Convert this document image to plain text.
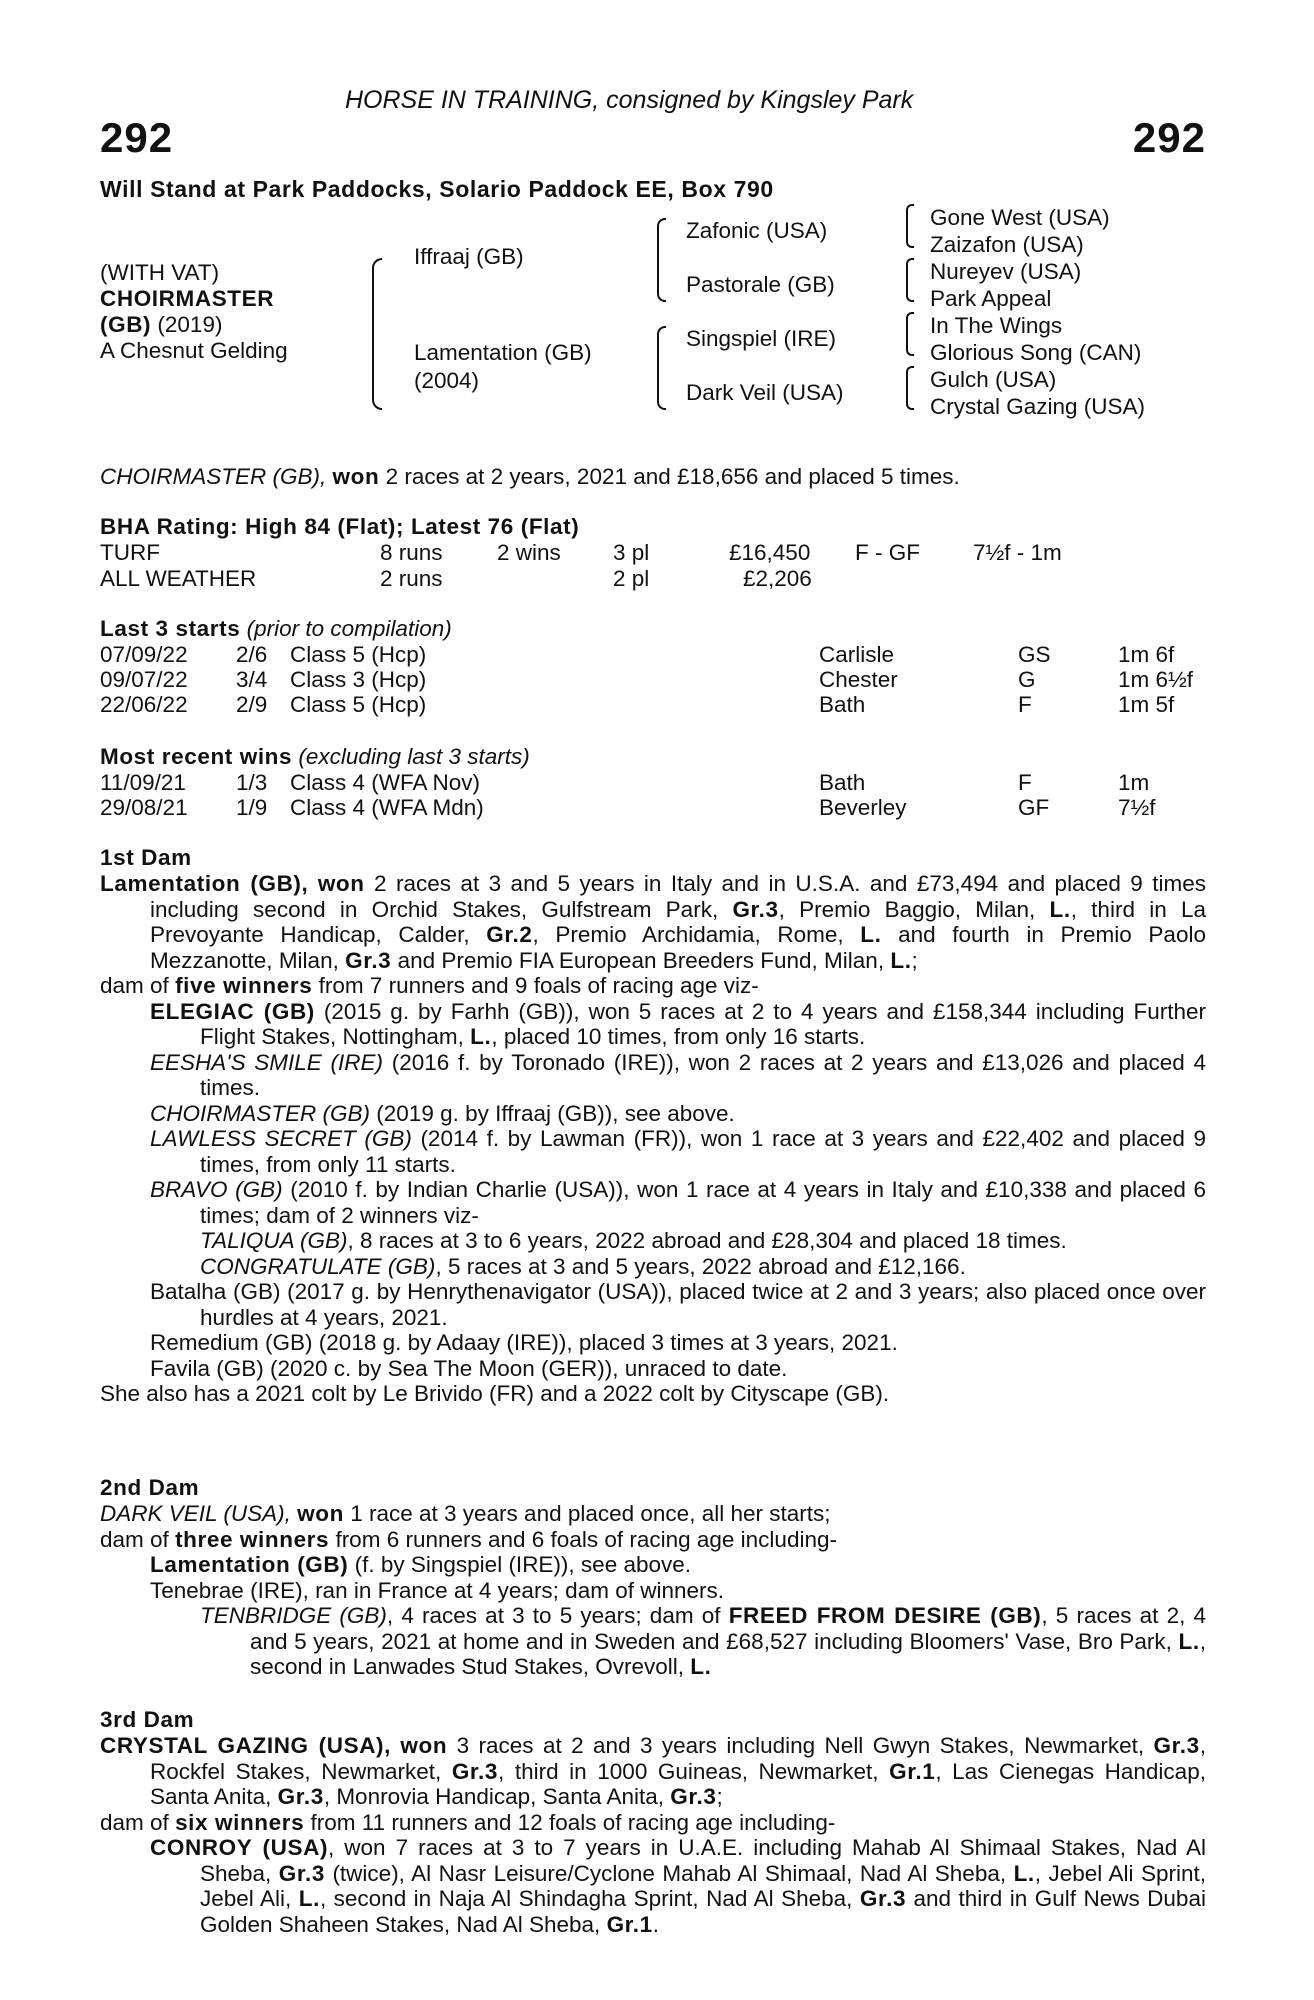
HORSE IN TRAINING, consigned by Kingsley Park
292	292
Will Stand at Park Paddocks, Solario Paddock EE, Box 790
(WITH VAT)
CHOIRMASTER
(GB) (2019)
A Chesnut Gelding
Iffraaj (GB)
Lamentation (GB)
(2004)
Zafonic (USA)
Pastorale (GB)
Singspiel (IRE)
Dark Veil (USA)
Gone West (USA)
Zaizafon (USA)
Nureyev (USA)
Park Appeal
In The Wings
Glorious Song (CAN)
Gulch (USA)
Crystal Gazing (USA)
CHOIRMASTER (GB), won 2 races at 2 years, 2021 and £18,656 and placed 5 times.
BHA Rating: High 84 (Flat); Latest 76 (Flat)
TURF	8 runs 2 wins 3 pl	£16,450 F - GF 7½f - 1m
ALL WEATHER	2 runs	2 pl	£2,206
Last 3 starts (prior to compilation)
07/09/22 2/6 Class 5 (Hcp)	Carlisle	GS	1m 6f
09/07/22 3/4 Class 3 (Hcp)	Chester	G	1m 6½f
22/06/22 2/9 Class 5 (Hcp)	Bath	F	1m 5f
Most recent wins (excluding last 3 starts)
11/09/21 1/3 Class 4 (WFA Nov)	Bath	F	1m
29/08/21 1/9 Class 4 (WFA Mdn)	Beverley	GF	7½f
1st Dam
Lamentation (GB), won 2 races at 3 and 5 years in Italy and in U.S.A. and £73,494 and placed 9 times including second in Orchid Stakes, Gulfstream Park, Gr.3, Premio Baggio, Milan, L., third in La Prevoyante Handicap, Calder, Gr.2, Premio Archidamia, Rome, L. and fourth in Premio Paolo Mezzanotte, Milan, Gr.3 and Premio FIA European Breeders Fund, Milan, L.;
dam of five winners from 7 runners and 9 foals of racing age viz-
ELEGIAC (GB) (2015 g. by Farhh (GB)), won 5 races at 2 to 4 years and £158,344 including Further Flight Stakes, Nottingham, L., placed 10 times, from only 16 starts.
EESHA'S SMILE (IRE) (2016 f. by Toronado (IRE)), won 2 races at 2 years and £13,026 and placed 4 times.
CHOIRMASTER (GB) (2019 g. by Iffraaj (GB)), see above.
LAWLESS SECRET (GB) (2014 f. by Lawman (FR)), won 1 race at 3 years and £22,402 and placed 9 times, from only 11 starts.
BRAVO (GB) (2010 f. by Indian Charlie (USA)), won 1 race at 4 years in Italy and £10,338 and placed 6 times; dam of 2 winners viz-
TALIQUA (GB), 8 races at 3 to 6 years, 2022 abroad and £28,304 and placed 18 times.
CONGRATULATE (GB), 5 races at 3 and 5 years, 2022 abroad and £12,166.
Batalha (GB) (2017 g. by Henrythenavigator (USA)), placed twice at 2 and 3 years; also placed once over hurdles at 4 years, 2021.
Remedium (GB) (2018 g. by Adaay (IRE)), placed 3 times at 3 years, 2021.
Favila (GB) (2020 c. by Sea The Moon (GER)), unraced to date.
She also has a 2021 colt by Le Brivido (FR) and a 2022 colt by Cityscape (GB).
2nd Dam
DARK VEIL (USA), won 1 race at 3 years and placed once, all her starts;
dam of three winners from 6 runners and 6 foals of racing age including-
Lamentation (GB) (f. by Singspiel (IRE)), see above.
Tenebrae (IRE), ran in France at 4 years; dam of winners.
TENBRIDGE (GB), 4 races at 3 to 5 years; dam of FREED FROM DESIRE (GB), 5 races at 2, 4 and 5 years, 2021 at home and in Sweden and £68,527 including Bloomers' Vase, Bro Park, L., second in Lanwades Stud Stakes, Ovrevoll, L.
3rd Dam
CRYSTAL GAZING (USA), won 3 races at 2 and 3 years including Nell Gwyn Stakes, Newmarket, Gr.3, Rockfel Stakes, Newmarket, Gr.3, third in 1000 Guineas, Newmarket, Gr.1, Las Cienegas Handicap, Santa Anita, Gr.3, Monrovia Handicap, Santa Anita, Gr.3;
dam of six winners from 11 runners and 12 foals of racing age including-
CONROY (USA), won 7 races at 3 to 7 years in U.A.E. including Mahab Al Shimaal Stakes, Nad Al Sheba, Gr.3 (twice), Al Nasr Leisure/Cyclone Mahab Al Shimaal, Nad Al Sheba, L., Jebel Ali Sprint, Jebel Ali, L., second in Naja Al Shindagha Sprint, Nad Al Sheba, Gr.3 and third in Gulf News Dubai Golden Shaheen Stakes, Nad Al Sheba, Gr.1.
